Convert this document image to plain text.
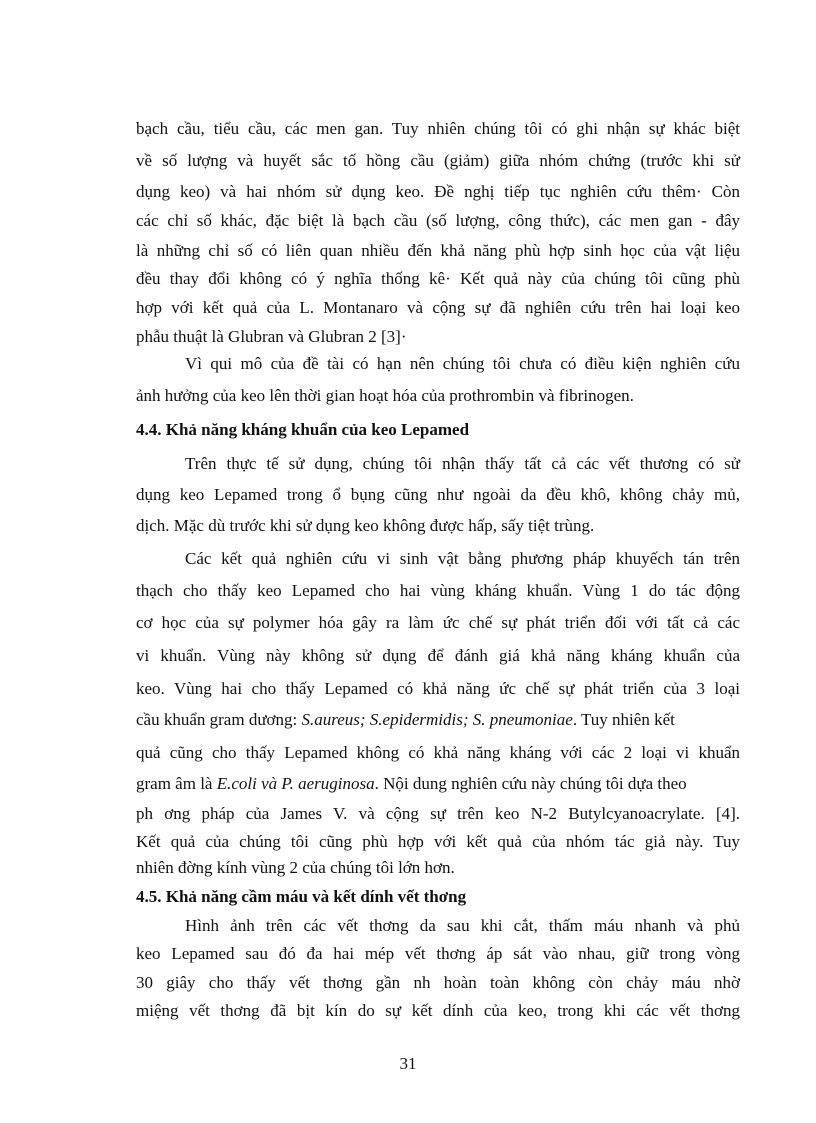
bạch cầu, tiểu cầu, các men gan. Tuy nhiên chúng tôi có ghi nhận sự khác biệt
về số lượng và huyết sắc tố hồng cầu (giảm) giữa nhóm chứng (trước khi sử
dụng keo) và hai nhóm sử dụng keo. Đề nghị tiếp tục nghiên cứu thêm· Còn
các chỉ số khác, đặc biệt là bạch cầu (số lượng, công thức), các men gan - đây
là những chỉ số có liên quan nhiều đến khả năng phù hợp sinh học của vật liệu
đều thay đổi không có ý nghĩa thống kê· Kết quả này của chúng tôi cũng phù
hợp với kết quả của L. Montanaro và cộng sự đã nghiên cứu trên hai loại keo
phẫu thuật là Glubran và Glubran 2 [3]·
Vì qui mô của đề tài có hạn nên chúng tôi chưa có điều kiện nghiên cứu
ảnh hưởng của keo lên thời gian hoạt hóa của prothrombin và fibrinogen.
4.4. Khả năng kháng khuẩn của keo Lepamed
Trên thực tế sử dụng, chúng tôi nhận thấy tất cả các vết thương có sử
dụng keo Lepamed trong ổ bụng cũng như ngoài da đều khô, không chảy mủ,
dịch. Mặc dù trước khi sử dụng keo không được hấp, sấy tiệt trùng.
Các kết quả nghiên cứu vi sinh vật bằng phương pháp khuyếch tán trên
thạch cho thấy keo Lepamed cho hai vùng kháng khuẩn. Vùng 1 do tác động
cơ học của sự polymer hóa gây ra làm ức chế sự phát triển đối với tất cả các
vi khuẩn. Vùng này không sử dụng để đánh giá khả năng kháng khuẩn của
keo. Vùng hai cho thấy Lepamed có khả năng ức chế sự phát triển của 3 loại
cầu khuẩn gram dương: S.aureus; S.epidermidis; S. pneumoniae. Tuy nhiên kết
quả cũng cho thấy Lepamed không có khả năng kháng với các 2 loại vi khuẩn
gram âm là E.coli và P. aeruginosa. Nội dung nghiên cứu này chúng tôi dựa theo
ph ơng pháp của James V. và cộng sự trên keo N-2 Butylcyanoacrylate. [4].
Kết quả của chúng tôi cũng phù hợp với kết quả của nhóm tác giả này. Tuy
nhiên đờng kính vùng 2 của chúng tôi lớn hơn.
4.5. Khả năng cầm máu và kết dính vết thơng
Hình ảnh trên các vết thơng da sau khi cắt, thấm máu nhanh và phủ
keo Lepamed sau đó đa hai mép vết thơng áp sát vào nhau, giữ trong vòng
30 giây cho thấy vết thơng gần nh hoàn toàn không còn chảy máu nhờ
miệng vết thơng đã bịt kín do sự kết dính của keo, trong khi các vết thơng
31
